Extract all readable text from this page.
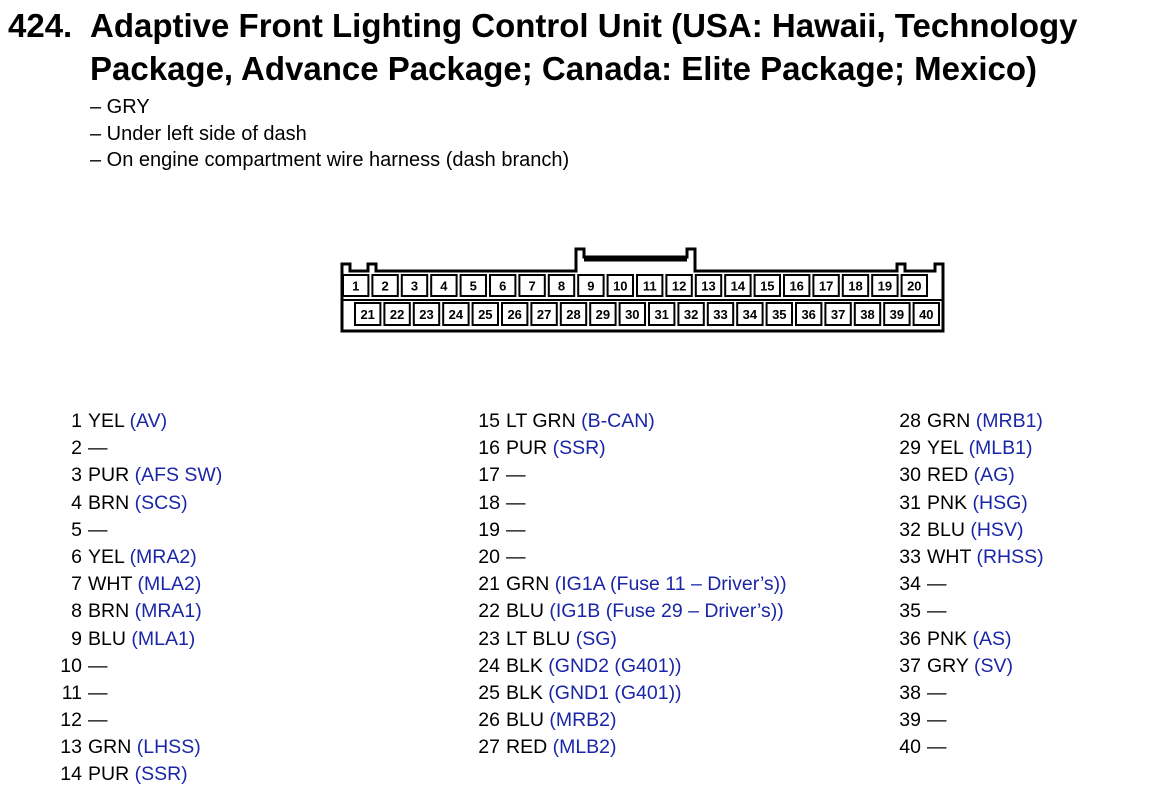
424. Adaptive Front Lighting Control Unit (USA: Hawaii, Technology Package, Advance Package; Canada: Elite Package; Mexico)
– GRY
– Under left side of dash
– On engine compartment wire harness (dash branch)
1 2 3 4 5 6 7 8 9 10 11 12 13 14 15 16 17 18 19 20
21 22 23 24 25 26 27 28 29 30 31 32 33 34 35 36 37 38 39 40
1 YEL (AV)
2 —
3 PUR (AFS SW)
4 BRN (SCS)
5 —
6 YEL (MRA2)
7 WHT (MLA2)
8 BRN (MRA1)
9 BLU (MLA1)
10 —
11 —
12 —
13 GRN (LHSS)
14 PUR (SSR)
15 LT GRN (B-CAN)
16 PUR (SSR)
17 —
18 —
19 —
20 —
21 GRN (IG1A (Fuse 11 – Driver’s))
22 BLU (IG1B (Fuse 29 – Driver’s))
23 LT BLU (SG)
24 BLK (GND2 (G401))
25 BLK (GND1 (G401))
26 BLU (MRB2)
27 RED (MLB2)
28 GRN (MRB1)
29 YEL (MLB1)
30 RED (AG)
31 PNK (HSG)
32 BLU (HSV)
33 WHT (RHSS)
34 —
35 —
36 PNK (AS)
37 GRY (SV)
38 —
39 —
40 —
